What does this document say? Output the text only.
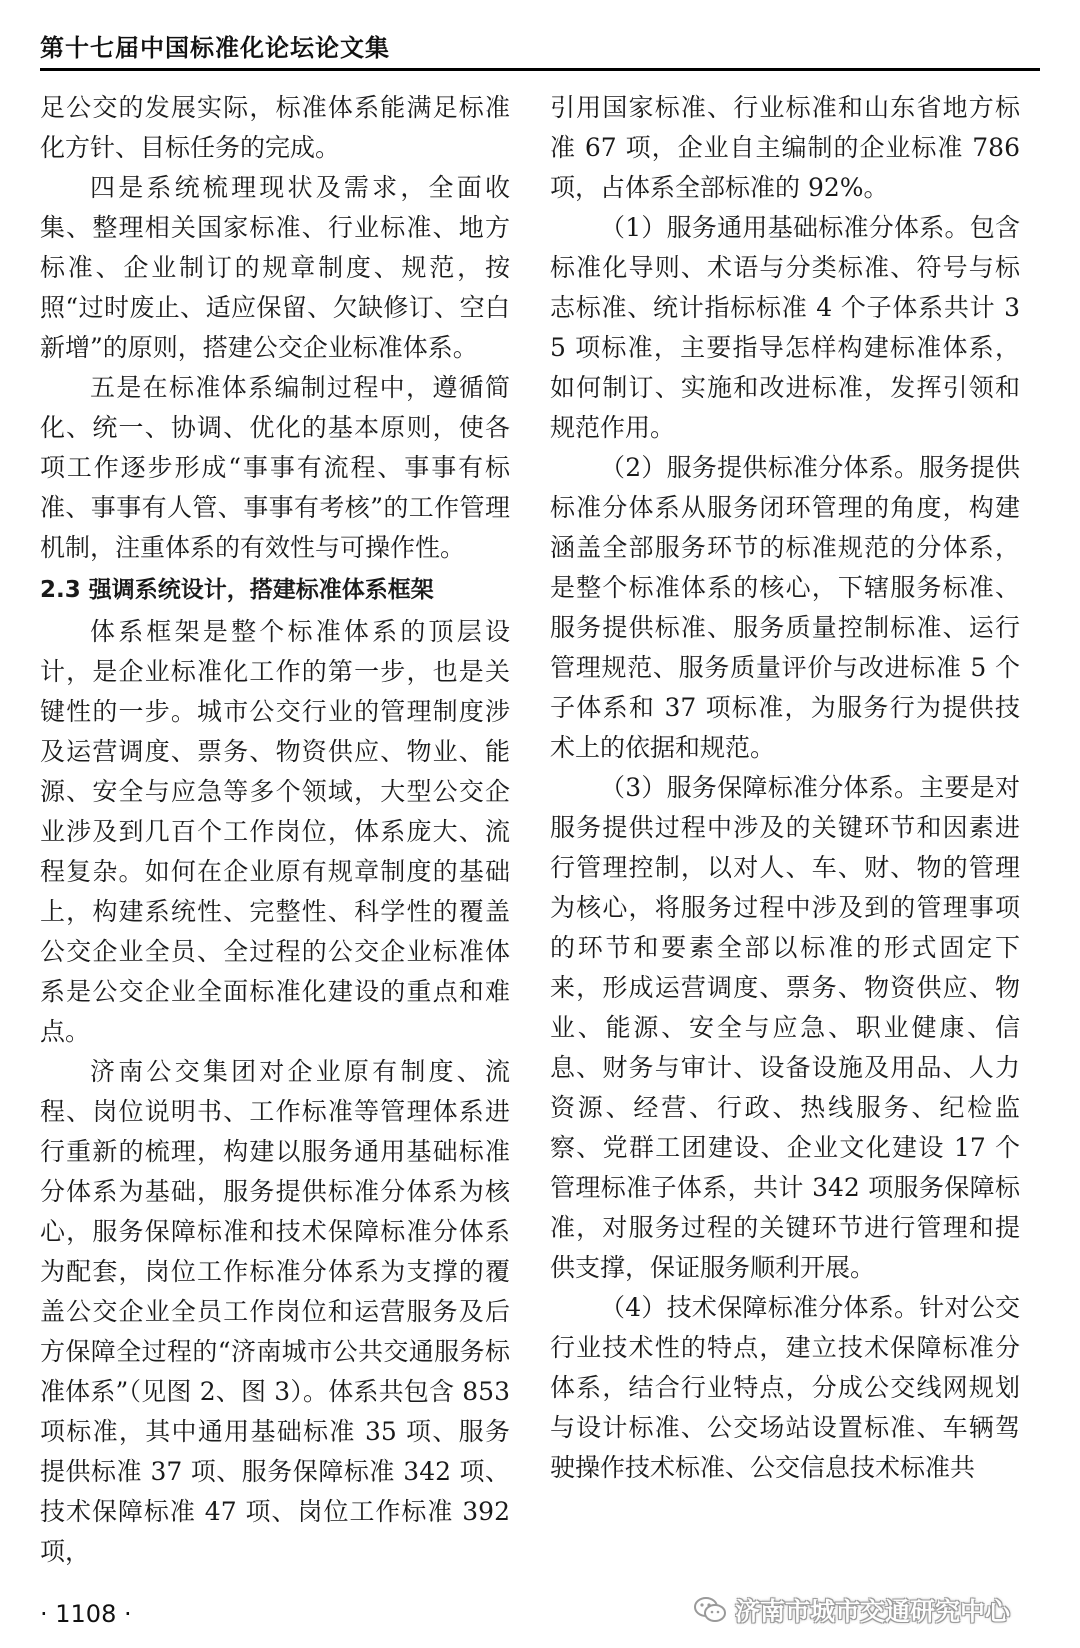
第十七届中国标准化论坛论文集

足公交的发展实际，标准体系能满足标准化方针、目标任务的完成。

四是系统梳理现状及需求，全面收集、整理相关国家标准、行业标准、地方标准、企业制订的规章制度、规范，按照“过时废止、适应保留、欠缺修订、空白新增”的原则，搭建公交企业标准体系。

五是在标准体系编制过程中，遵循简化、统一、协调、优化的基本原则，使各项工作逐步形成“事事有流程、事事有标准、事事有人管、事事有考核”的工作管理机制，注重体系的有效性与可操作性。

2.3 强调系统设计，搭建标准体系框架

体系框架是整个标准体系的顶层设计，是企业标准化工作的第一步，也是关键性的一步。城市公交行业的管理制度涉及运营调度、票务、物资供应、物业、能源、安全与应急等多个领域，大型公交企业涉及到几百个工作岗位，体系庞大、流程复杂。如何在企业原有规章制度的基础上，构建系统性、完整性、科学性的覆盖公交企业全员、全过程的公交企业标准体系是公交企业全面标准化建设的重点和难点。

济南公交集团对企业原有制度、流程、岗位说明书、工作标准等管理体系进行重新的梳理，构建以服务通用基础标准分体系为基础，服务提供标准分体系为核心，服务保障标准和技术保障标准分体系为配套，岗位工作标准分体系为支撑的覆盖公交企业全员工作岗位和运营服务及后方保障全过程的“济南城市公共交通服务标准体系”（见图 2、图 3）。体系共包含 853 项标准，其中通用基础标准 35 项、服务提供标准 37 项、服务保障标准 342 项、技术保障标准 47 项、岗位工作标准 392 项，

引用国家标准、行业标准和山东省地方标准 67 项，企业自主编制的企业标准 786 项，占体系全部标准的 92%。

（1）服务通用基础标准分体系。包含标准化导则、术语与分类标准、符号与标志标准、统计指标标准 4 个子体系共计 35 项标准，主要指导怎样构建标准体系，如何制订、实施和改进标准，发挥引领和规范作用。

（2）服务提供标准分体系。服务提供标准分体系从服务闭环管理的角度，构建涵盖全部服务环节的标准规范的分体系，是整个标准体系的核心，下辖服务标准、服务提供标准、服务质量控制标准、运行管理规范、服务质量评价与改进标准 5 个子体系和 37 项标准，为服务行为提供技术上的依据和规范。

（3）服务保障标准分体系。主要是对服务提供过程中涉及的关键环节和因素进行管理控制，以对人、车、财、物的管理为核心，将服务过程中涉及到的管理事项的环节和要素全部以标准的形式固定下来，形成运营调度、票务、物资供应、物业、能源、安全与应急、职业健康、信息、财务与审计、设备设施及用品、人力资源、经营、行政、热线服务、纪检监察、党群工团建设、企业文化建设 17 个管理标准子体系，共计 342 项服务保障标准，对服务过程的关键环节进行管理和提供支撑，保证服务顺利开展。

（4）技术保障标准分体系。针对公交行业技术性的特点，建立技术保障标准分体系，结合行业特点，分成公交线网规划与设计标准、公交场站设置标准、车辆驾驶操作技术标准、公交信息技术标准共

· 1108 ·	济南市城市交通研究中心
